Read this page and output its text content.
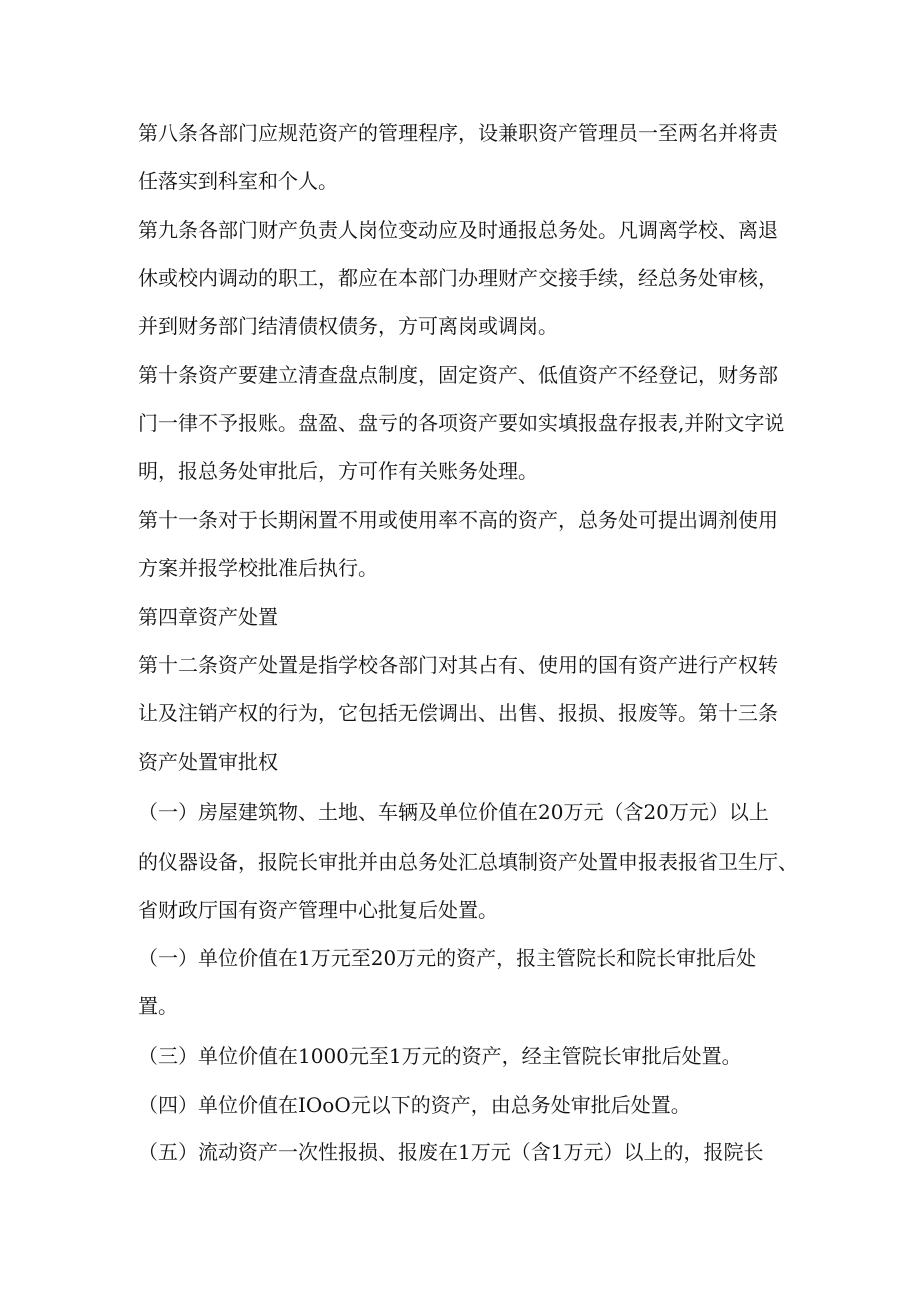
第八条各部门应规范资产的管理程序，设兼职资产管理员一至两名并将责
任落实到科室和个人。
第九条各部门财产负责人岗位变动应及时通报总务处。凡调离学校、离退
休或校内调动的职工，都应在本部门办理财产交接手续，经总务处审核，
并到财务部门结清债权债务，方可离岗或调岗。
第十条资产要建立清查盘点制度，固定资产、低值资产不经登记，财务部
门一律不予报账。盘盈、盘亏的各项资产要如实填报盘存报表,并附文字说
明，报总务处审批后，方可作有关账务处理。
第十一条对于长期闲置不用或使用率不高的资产，总务处可提出调剂使用
方案并报学校批准后执行。
第四章资产处置
第十二条资产处置是指学校各部门对其占有、使用的国有资产进行产权转
让及注销产权的行为，它包括无偿调出、出售、报损、报废等。第十三条
资产处置审批权
（一）房屋建筑物、土地、车辆及单位价值在20万元（含20万元）以上
的仪器设备，报院长审批并由总务处汇总填制资产处置申报表报省卫生厅、
省财政厅国有资产管理中心批复后处置。
（一）单位价值在1万元至20万元的资产，报主管院长和院长审批后处
置。
（三）单位价值在1000元至1万元的资产，经主管院长审批后处置。
（四）单位价值在IOoO元以下的资产，由总务处审批后处置。
（五）流动资产一次性报损、报废在1万元（含1万元）以上的，报院长
